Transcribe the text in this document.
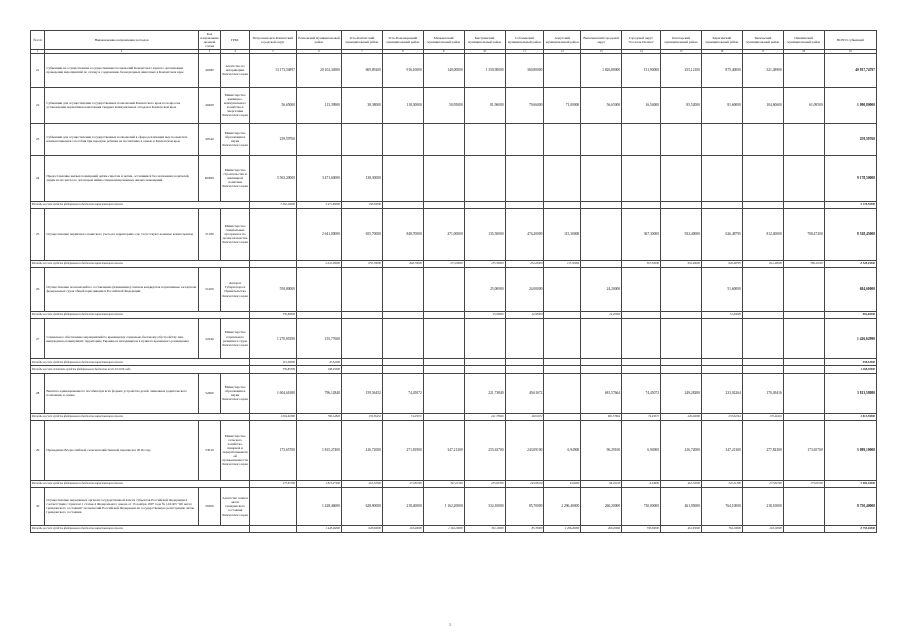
№ п/п	Наименование направления расходов	Код направления целевой статьи	ГРБС	Петропавловск-Камчатский городской округ	Елизовский муниципальный район	Усть-Камчатский муниципальный район	Усть-Большерецкий муниципальный район	Мильковский муниципальный район	Быстринский муниципальный район	Соболевский муниципальный район	Алеутский муниципальный район	Вилючинский городской округ	Городской округ "поселок Палана"	Олюторский муниципальный район	Карагинский муниципальный район	Тигильский муниципальный район	Пенжинский муниципальный район	ВСЕГО субвенций
1	2	3	4	5	6	7	8	9	10	11	12	13	14	15	16	17	18	19
21	Субвенции на осуществление государственных полномочий Камчатского края по организации проведения мероприятий по отлову и содержанию безнадзорных животных в Камчатском крае	40280	Агентство по ветеринарии Камчатского края	13 173,54897	20 102,34900	609,89200	916,10000	140,00000	1 350,90000	360,80000		1 826,80000	151,90000	255,12100	875,40000	321,38900		40 937,74797
22	Субвенции для осуществления государственных полномочий Камчатского края по вопросам установления нормативов накопления твердых коммунальных отходов в Камчатском крае	40460	Министерство жилищно-коммунального хозяйства и энергетики Камчатского края	56,65000	113,39900	38,38000	118,30000	50,95000	81,96000	79,66000	71,00000	56,65000	16,54000	85,52000	81,60000	104,60600	61,09500	1 090,80000
23	Субвенции для осуществления государственных полномочий в сфере реализации мер по выплате компенсационного пособия при передаче ребенка на воспитание в семью в Камчатском крае	40540	Министерство образования и науки Камчатского края	259,59760														259,59760
24	Предоставление жилых помещений детям-сиротам и детям, оставшимся без попечения родителей, лицам из их числа по договорам найма специализированных жилых помещений	R0820	Министерство строительства и жилищной политики Камчатского края	5 563,20000	3 471,60000	138,30000												9 178,50000
Расходы за счет средств федерального бюджета нарастающим итогом				5 563,20000	3 471,60000	138,30000												9 178,50000
25	Осуществление первичного воинского учета на территориях, где отсутствуют военные комиссариаты	51180	Министерство специальных программ и по делам казачества Камчатского края		2 641,00000	655,70000	848,70000	271,00000	135,50000	474,20000	115,30000		367,30000	932,40000	626,48795	812,40000	708,47200	8 528,45000
Расходы за счет средств федерального бюджета нарастающим итогом					2 641,00000	655,70000	848,70000	271,00000	135,50000	474,20000	115,30000		367,30000	932,40000	626,48795	812,40000	708,47200	8 528,45000
26	Осуществление полномочий по составлению (изменению) списков кандидатов в присяжные заседатели федеральных судов общей юрисдикции в Российской Федерации	51200	Аппарат Губернатора и Правительства Камчатского края	550,80000					25,00000	24,00000		24,20000			51,60000			684,60000
Расходы за счет средств федерального бюджета нарастающим итогом				550,80000					25,00000	24,00000		24,20000			51,60000			684,60000
27	Социальное обеспечение мероприятий по временному социально-бытовому обустройству лиц, вынужденно покинувших территорию Украины и находящихся в пунктах временного размещения	52240	Министерство социального развития и труда Камчатского края	1 270,85390	155,77600													1 426,62990
Расходы за счет средств федерального бюджета нарастающим итогом				911,00000	47,32000													958,32000
Расходы за счет остатков средств федерального бюджета на 01.01.2016 года				359,85390	108,45600													1 468,30990
28	Выплата единовременного пособия при всех формах устройства детей, лишенных родительского попечения, в семью	52600	Министерство образования и науки Камчатского края	1 604,61680	796,12840	159,56452	74,45072		221,73840	49,61672		681,57664	74,45072	249,28280	233,02264	170,49416		3 813,58080
Расходы за счет средств федерального бюджета нарастающим итогом				1 604,61680	796,12840	159,56452	74,45072		221,73840	49,61672		681,57664	74,45072	249,28280	233,02264	170,49416		3 813,58080
29	Проведение Всероссийской сельскохозяйственной переписи в 2016 году	53910	Министерство сельского хозяйства, пищевой и перерабатывающей промышленности Камчатского края	173,65700	1 815,27400	416,72000	271,81900	347,21300	255,63700	243,09100	6,94900	96,29100	6,94900	416,72000	347,21300	277,82300	173,65700	5 099,10000
Расходы за счет средств федерального бюджета нарастающим итогом				173,65700	1 815,27400	416,72000	271,81900	347,21300	255,63700	243,09100	6,94900	96,29100	6,94900	416,72000	347,21300	277,82300	173,65700	5 099,10000
30	Осуществление переданных органам государственной власти субъектов Российской Федерации в соответствии с пунктом 1 статьи 4 Федерального закона от 15 ноября 1997 года № 143-ФЗ "Об актах гражданского состояния" полномочий Российской Федерации на государственную регистрацию актов гражданского состояния	59300	Агентство записи актов гражданского состояния Камчатского края		1 428,46000	628,90000	218,40000	1 162,20000	332,10000	85,70000	2 296,40000	260,20000	730,00000	461,95000	764,10000	218,10000		8 750,40000
Расходы за счет средств федерального бюджета нарастающим итогом					1 428,46000	628,90000	218,40000	1 162,20000	332,10000	85,70000	2 296,40000	260,20000	730,00000	461,95000	764,10000	218,10000		8 750,40000
1
